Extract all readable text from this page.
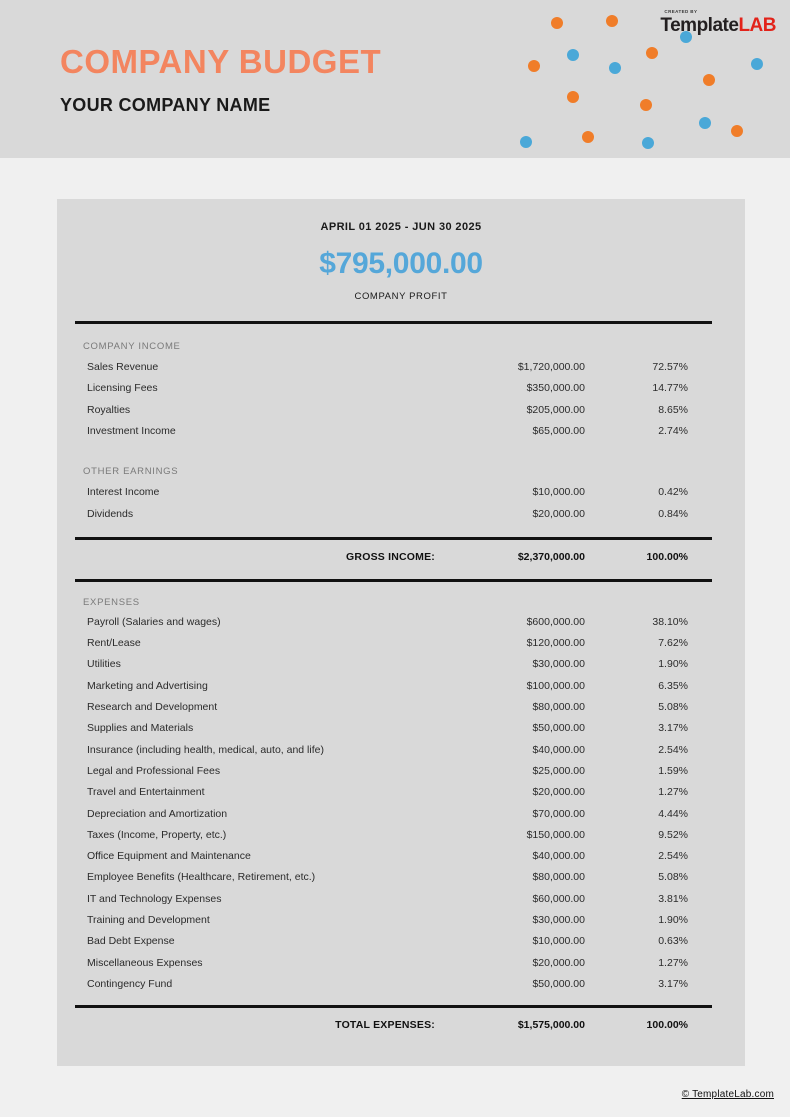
COMPANY BUDGET
YOUR COMPANY NAME
CREATED BY
TemplateLAB
APRIL 01 2025 - JUN 30 2025
$795,000.00
COMPANY PROFIT
COMPANY INCOME
Sales Revenue	$1,720,000.00	72.57%
Licensing Fees	$350,000.00	14.77%
Royalties	$205,000.00	8.65%
Investment Income	$65,000.00	2.74%
OTHER EARNINGS
Interest Income	$10,000.00	0.42%
Dividends	$20,000.00	0.84%
GROSS INCOME:	$2,370,000.00	100.00%
EXPENSES
Payroll (Salaries and wages)	$600,000.00	38.10%
Rent/Lease	$120,000.00	7.62%
Utilities	$30,000.00	1.90%
Marketing and Advertising	$100,000.00	6.35%
Research and Development	$80,000.00	5.08%
Supplies and Materials	$50,000.00	3.17%
Insurance (including health, medical, auto, and life)	$40,000.00	2.54%
Legal and Professional Fees	$25,000.00	1.59%
Travel and Entertainment	$20,000.00	1.27%
Depreciation and Amortization	$70,000.00	4.44%
Taxes (Income, Property, etc.)	$150,000.00	9.52%
Office Equipment and Maintenance	$40,000.00	2.54%
Employee Benefits (Healthcare, Retirement, etc.)	$80,000.00	5.08%
IT and Technology Expenses	$60,000.00	3.81%
Training and Development	$30,000.00	1.90%
Bad Debt Expense	$10,000.00	0.63%
Miscellaneous Expenses	$20,000.00	1.27%
Contingency Fund	$50,000.00	3.17%
TOTAL EXPENSES:	$1,575,000.00	100.00%
© TemplateLab.com
